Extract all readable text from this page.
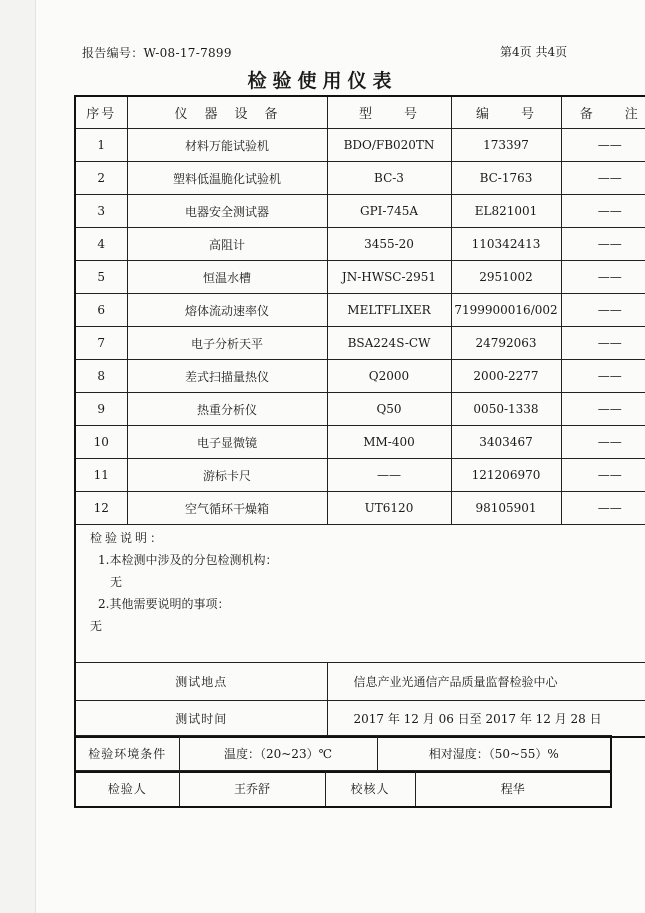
报告编号：W-08-17-7899	第4页 共4页
检验使用仪表
序号	仪　器　设　备	型　　号	编　　号	备　　注
1	材料万能试验机	BDO/FB020TN	173397	——
2	塑料低温脆化试验机	BC-3	BC-1763	——
3	电器安全测试器	GPI-745A	EL821001	——
4	高阻计	3455-20	110342413	——
5	恒温水槽	JN-HWSC-2951	2951002	——
6	熔体流动速率仪	MELTFLIXER	7199900016/002	——
7	电子分析天平	BSA224S-CW	24792063	——
8	差式扫描量热仪	Q2000	2000-2277	——
9	热重分析仪	Q50	0050-1338	——
10	电子显微镜	MM-400	3403467	——
11	游标卡尺	——	121206970	——
12	空气循环干燥箱	UT6120	98105901	——

检验说明：
1.本检测中涉及的分包检测机构：
无
2.其他需要说明的事项：
无				

测试地点		信息产业光通信产品质量监督检验中心		
测试时间		2017 年 12 月 06 日至 2017 年 12 月 28 日		
检验环境条件	温度：（20~23）℃	相对湿度：（50~55）%
检验人	王乔舒	校核人	程华
